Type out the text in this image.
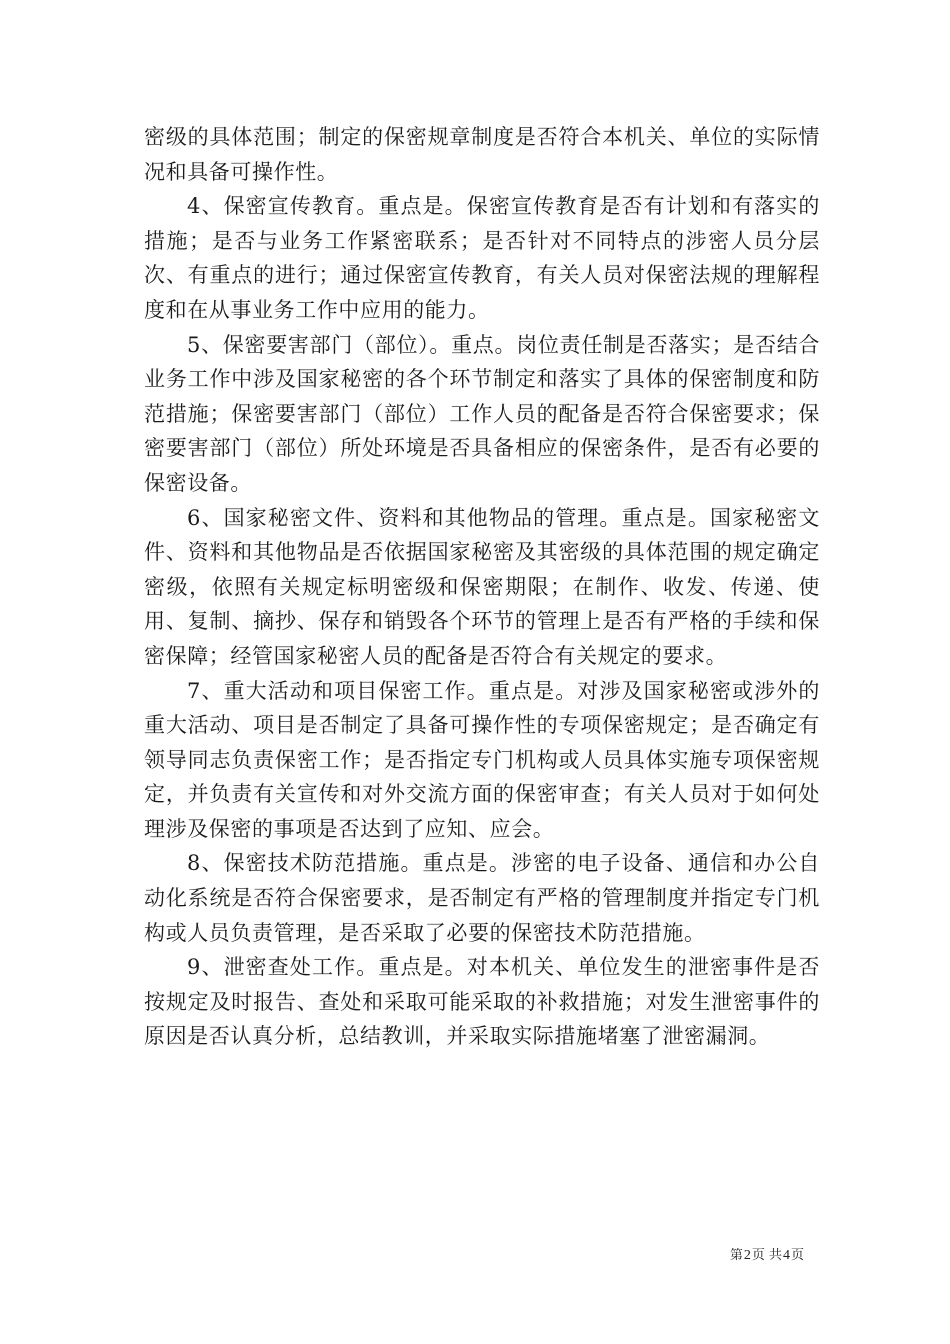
密级的具体范围；制定的保密规章制度是否符合本机关、单位的实际情况和具备可操作性。

4、保密宣传教育。重点是。保密宣传教育是否有计划和有落实的措施；是否与业务工作紧密联系；是否针对不同特点的涉密人员分层次、有重点的进行；通过保密宣传教育，有关人员对保密法规的理解程度和在从事业务工作中应用的能力。

5、保密要害部门（部位）。重点。岗位责任制是否落实；是否结合业务工作中涉及国家秘密的各个环节制定和落实了具体的保密制度和防范措施；保密要害部门（部位）工作人员的配备是否符合保密要求；保密要害部门（部位）所处环境是否具备相应的保密条件，是否有必要的保密设备。

6、国家秘密文件、资料和其他物品的管理。重点是。国家秘密文件、资料和其他物品是否依据国家秘密及其密级的具体范围的规定确定密级，依照有关规定标明密级和保密期限；在制作、收发、传递、使用、复制、摘抄、保存和销毁各个环节的管理上是否有严格的手续和保密保障；经管国家秘密人员的配备是否符合有关规定的要求。

7、重大活动和项目保密工作。重点是。对涉及国家秘密或涉外的重大活动、项目是否制定了具备可操作性的专项保密规定；是否确定有领导同志负责保密工作；是否指定专门机构或人员具体实施专项保密规定，并负责有关宣传和对外交流方面的保密审查；有关人员对于如何处理涉及保密的事项是否达到了应知、应会。

8、保密技术防范措施。重点是。涉密的电子设备、通信和办公自动化系统是否符合保密要求，是否制定有严格的管理制度并指定专门机构或人员负责管理，是否采取了必要的保密技术防范措施。

9、泄密查处工作。重点是。对本机关、单位发生的泄密事件是否按规定及时报告、查处和采取可能采取的补救措施；对发生泄密事件的原因是否认真分析，总结教训，并采取实际措施堵塞了泄密漏洞。

第2页 共4页
